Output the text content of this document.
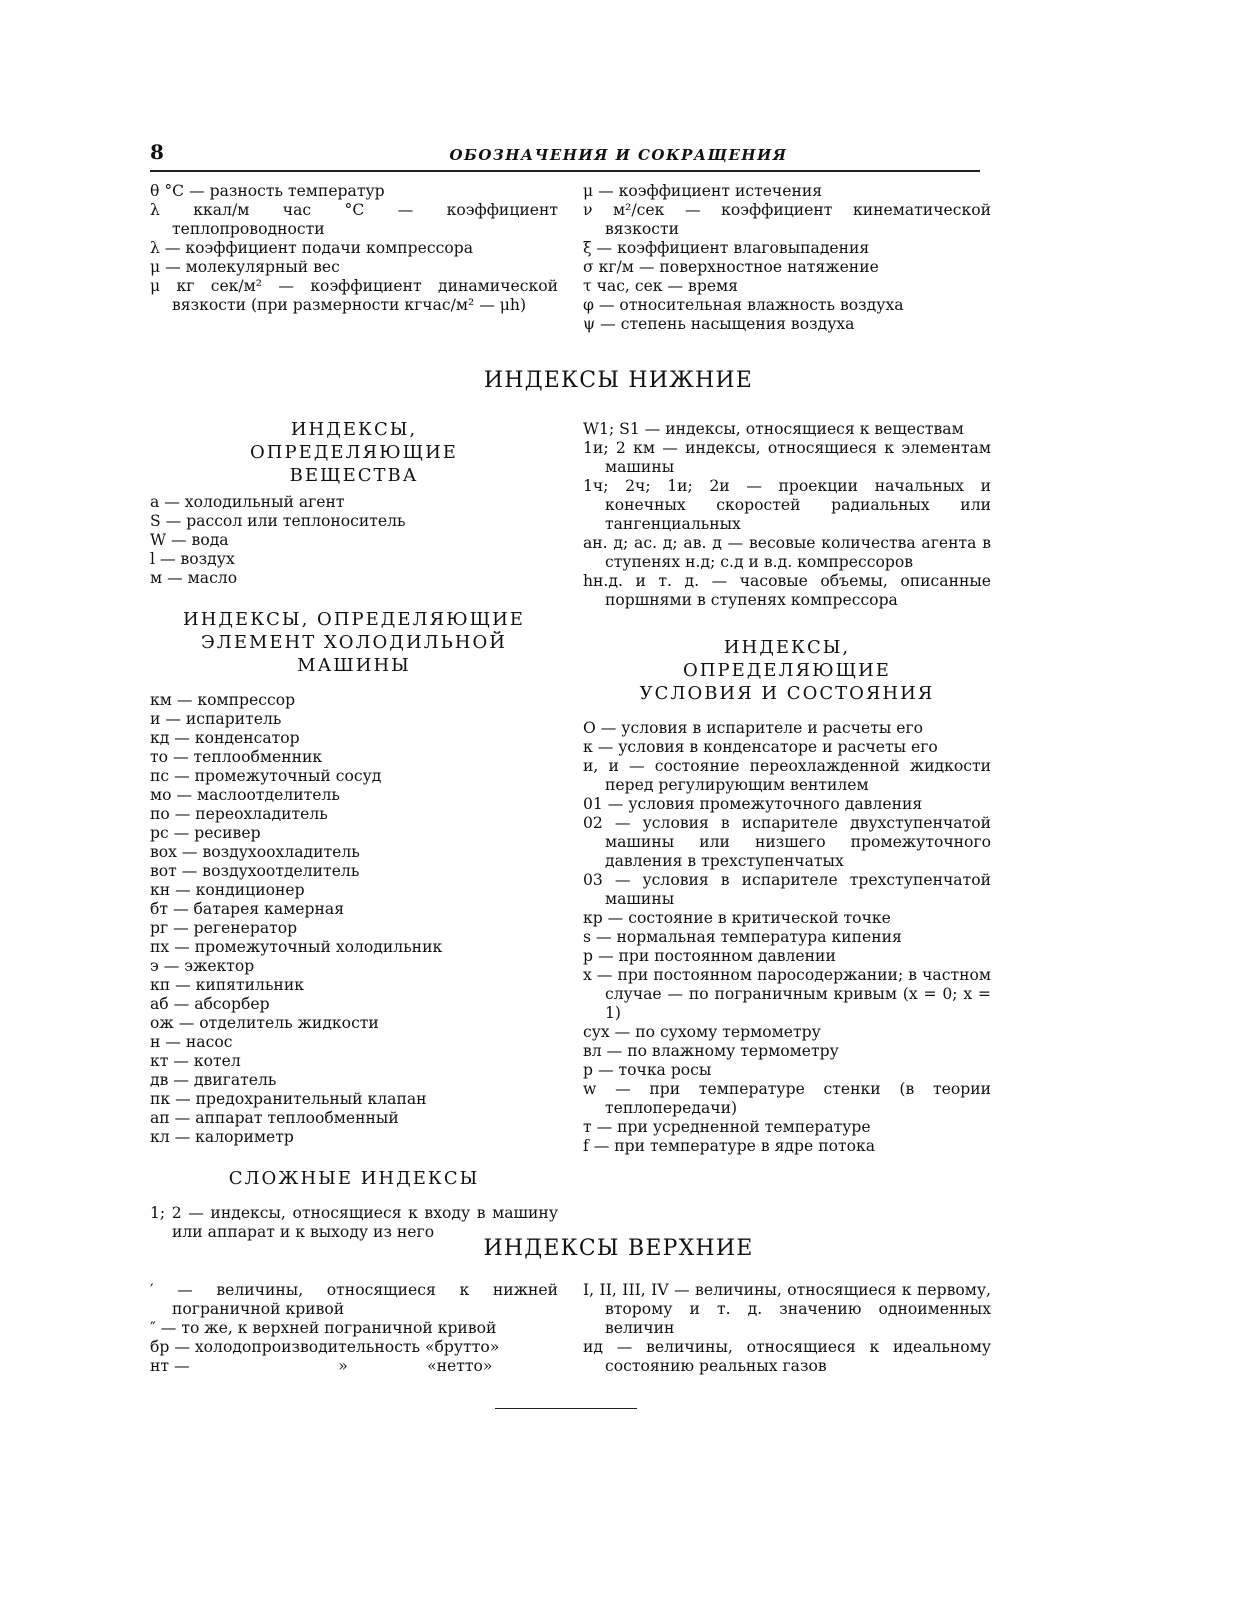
8	ОБОЗНАЧЕНИЯ И СОКРАЩЕНИЯ
θ °С — разность температур
λ ккал/м час °С — коэффициент теплопроводности
λ — коэффициент подачи компрессора
μ — молекулярный вес
μ кг сек/м² — коэффициент динамической вязкости (при размерности кгчас/м² — μh)
μ — коэффициент истечения
ν м²/сек — коэффициент кинематической вязкости
ξ — коэффициент влаговыпадения
σ кг/м — поверхностное натяжение
τ час, сек — время
φ — относительная влажность воздуха
ψ — степень насыщения воздуха
ИНДЕКСЫ НИЖНИЕ
ИНДЕКСЫ, ОПРЕДЕЛЯЮЩИЕ ВЕЩЕСТВА
а — холодильный агент
S — рассол или теплоноситель
W — вода
l — воздух
м — масло
ИНДЕКСЫ, ОПРЕДЕЛЯЮЩИЕ ЭЛЕМЕНТ ХОЛОДИЛЬНОЙ МАШИНЫ
км — компрессор
и — испаритель
кд — конденсатор
то — теплообменник
пс — промежуточный сосуд
мо — маслоотделитель
по — переохладитель
рс — ресивер
вох — воздухоохладитель
вот — воздухоотделитель
кн — кондиционер
бт — батарея камерная
рг — регенератор
пх — промежуточный холодильник
э — эжектор
кп — кипятильник
аб — абсорбер
ож — отделитель жидкости
н — насос
кт — котел
дв — двигатель
пк — предохранительный клапан
ап — аппарат теплообменный
кл — калориметр
СЛОЖНЫЕ ИНДЕКСЫ
1; 2 — индексы, относящиеся к входу в машину или аппарат и к выходу из него
W1; S1 — индексы, относящиеся к веществам
1и; 2 км — индексы, относящиеся к элементам машины
1ч; 2ч; 1и; 2и — проекции начальных и конечных скоростей радиальных или тангенциальных
ан. д; ас. д; ав. д — весовые количества агента в ступенях н.д; с.д и в.д. компрессоров
hн.д. и т. д. — часовые объемы, описанные поршнями в ступенях компрессора
ИНДЕКСЫ, ОПРЕДЕЛЯЮЩИЕ УСЛОВИЯ И СОСТОЯНИЯ
О — условия в испарителе и расчеты его
к — условия в конденсаторе и расчеты его
и, и — состояние переохлажденной жидкости перед регулирующим вентилем
01 — условия промежуточного давления
02 — условия в испарителе двухступенчатой машины или низшего промежуточного давления в трехступенчатых
03 — условия в испарителе трехступенчатой машины
кр — состояние в критической точке
s — нормальная температура кипения
р — при постоянном давлении
х — при постоянном паросодержании; в частном случае — по пограничным кривым (x = 0; x = 1)
сух — по сухому термометру
вл — по влажному термометру
р — точка росы
w — при температуре стенки (в теории теплопередачи)
т — при усредненной температуре
f — при температуре в ядре потока
ИНДЕКСЫ ВЕРХНИЕ
′ — величины, относящиеся к нижней пограничной кривой
″ — то же, к верхней пограничной кривой
бр — холодопроизводительность «брутто»
нт —                              »                «нетто»
I, II, III, IV — величины, относящиеся к первому, второму и т. д. значению одноименных величин
ид — величины, относящиеся к идеальному состоянию реальных газов
